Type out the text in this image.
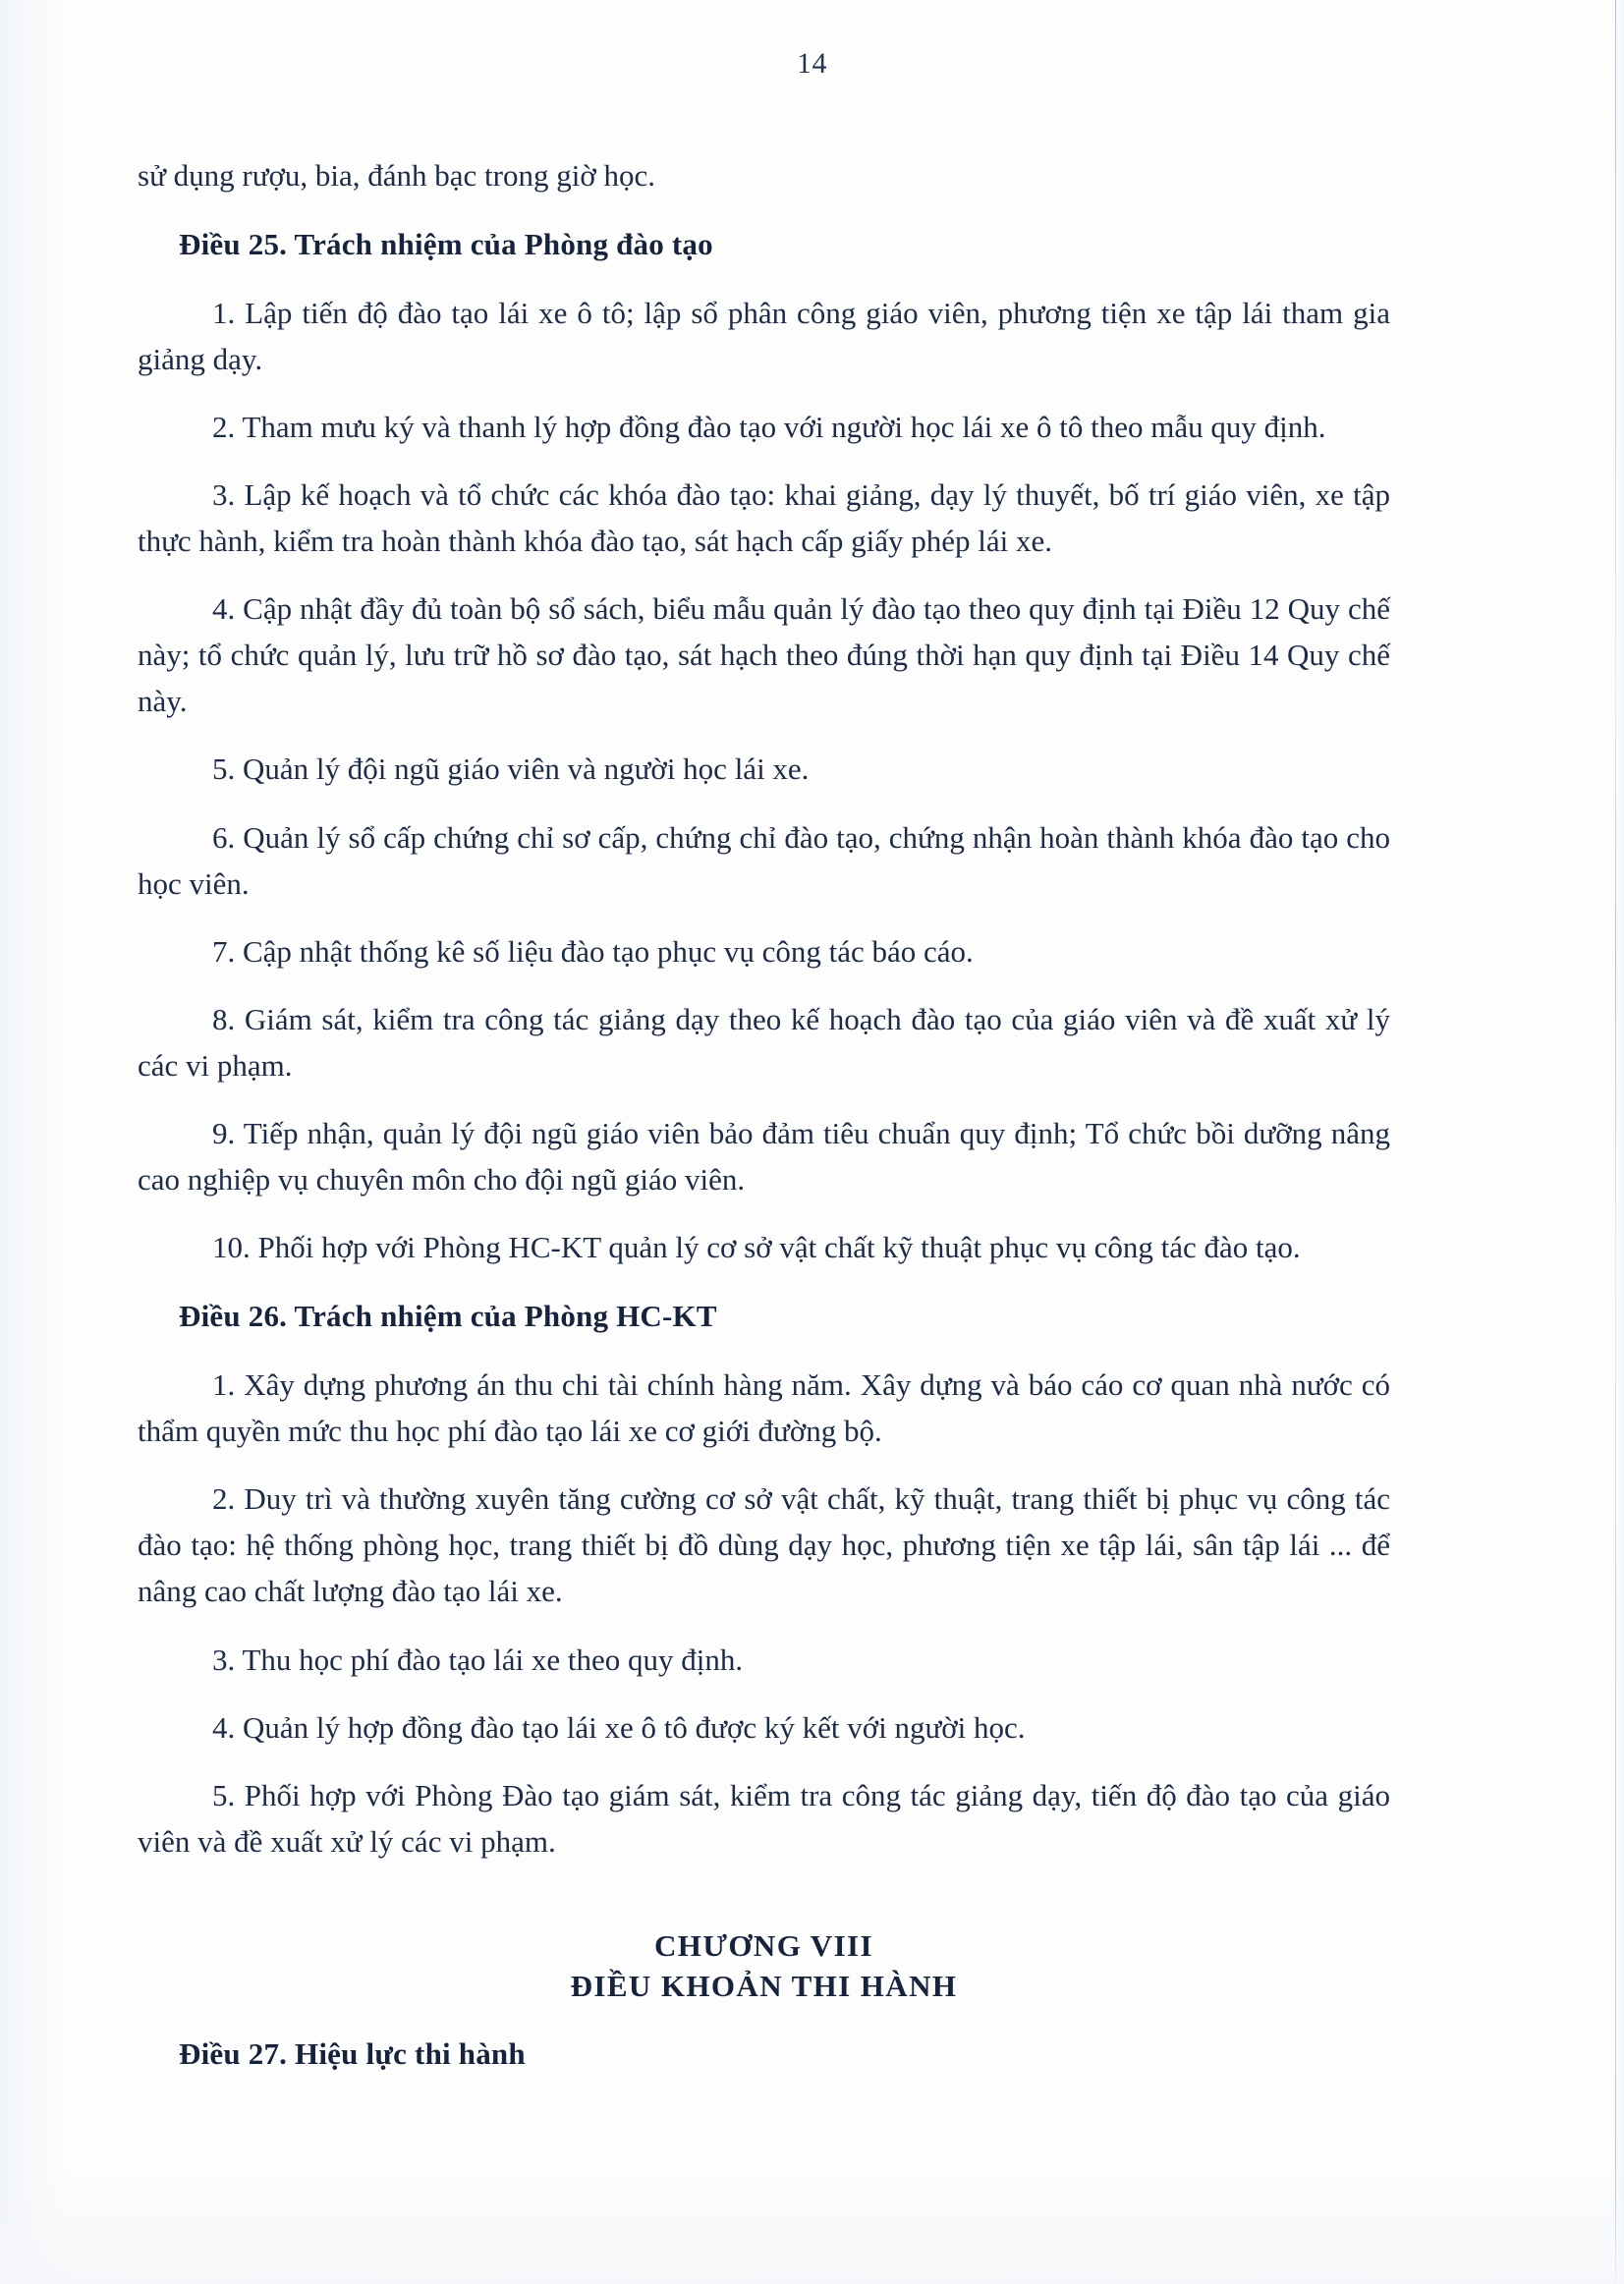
14

sử dụng rượu, bia, đánh bạc trong giờ học.

Điều 25. Trách nhiệm của Phòng đào tạo

1. Lập tiến độ đào tạo lái xe ô tô; lập sổ phân công giáo viên, phương tiện xe tập lái tham gia giảng dạy.

2. Tham mưu ký và thanh lý hợp đồng đào tạo với người học lái xe ô tô theo mẫu quy định.

3. Lập kế hoạch và tổ chức các khóa đào tạo: khai giảng, dạy lý thuyết, bố trí giáo viên, xe tập thực hành, kiểm tra hoàn thành khóa đào tạo, sát hạch cấp giấy phép lái xe.

4. Cập nhật đầy đủ toàn bộ sổ sách, biểu mẫu quản lý đào tạo theo quy định tại Điều 12 Quy chế này; tổ chức quản lý, lưu trữ hồ sơ đào tạo, sát hạch theo đúng thời hạn quy định tại Điều 14 Quy chế này.

5. Quản lý đội ngũ giáo viên và người học lái xe.

6. Quản lý sổ cấp chứng chỉ sơ cấp, chứng chỉ đào tạo, chứng nhận hoàn thành khóa đào tạo cho học viên.

7. Cập nhật thống kê số liệu đào tạo phục vụ công tác báo cáo.

8. Giám sát, kiểm tra công tác giảng dạy theo kế hoạch đào tạo của giáo viên và đề xuất xử lý các vi phạm.

9. Tiếp nhận, quản lý đội ngũ giáo viên bảo đảm tiêu chuẩn quy định; Tổ chức bồi dưỡng nâng cao nghiệp vụ chuyên môn cho đội ngũ giáo viên.

10. Phối hợp với Phòng HC-KT quản lý cơ sở vật chất kỹ thuật phục vụ công tác đào tạo.

Điều 26. Trách nhiệm của Phòng HC-KT

1. Xây dựng phương án thu chi tài chính hàng năm. Xây dựng và báo cáo cơ quan nhà nước có thẩm quyền mức thu học phí đào tạo lái xe cơ giới đường bộ.

2. Duy trì và thường xuyên tăng cường cơ sở vật chất, kỹ thuật, trang thiết bị phục vụ công tác đào tạo: hệ thống phòng học, trang thiết bị đồ dùng dạy học, phương tiện xe tập lái, sân tập lái ... để nâng cao chất lượng đào tạo lái xe.

3. Thu học phí đào tạo lái xe theo quy định.

4. Quản lý hợp đồng đào tạo lái xe ô tô được ký kết với người học.

5. Phối hợp với Phòng Đào tạo giám sát, kiểm tra công tác giảng dạy, tiến độ đào tạo của giáo viên và đề xuất xử lý các vi phạm.

CHƯƠNG VIII

ĐIỀU KHOẢN THI HÀNH

Điều 27. Hiệu lực thi hành
